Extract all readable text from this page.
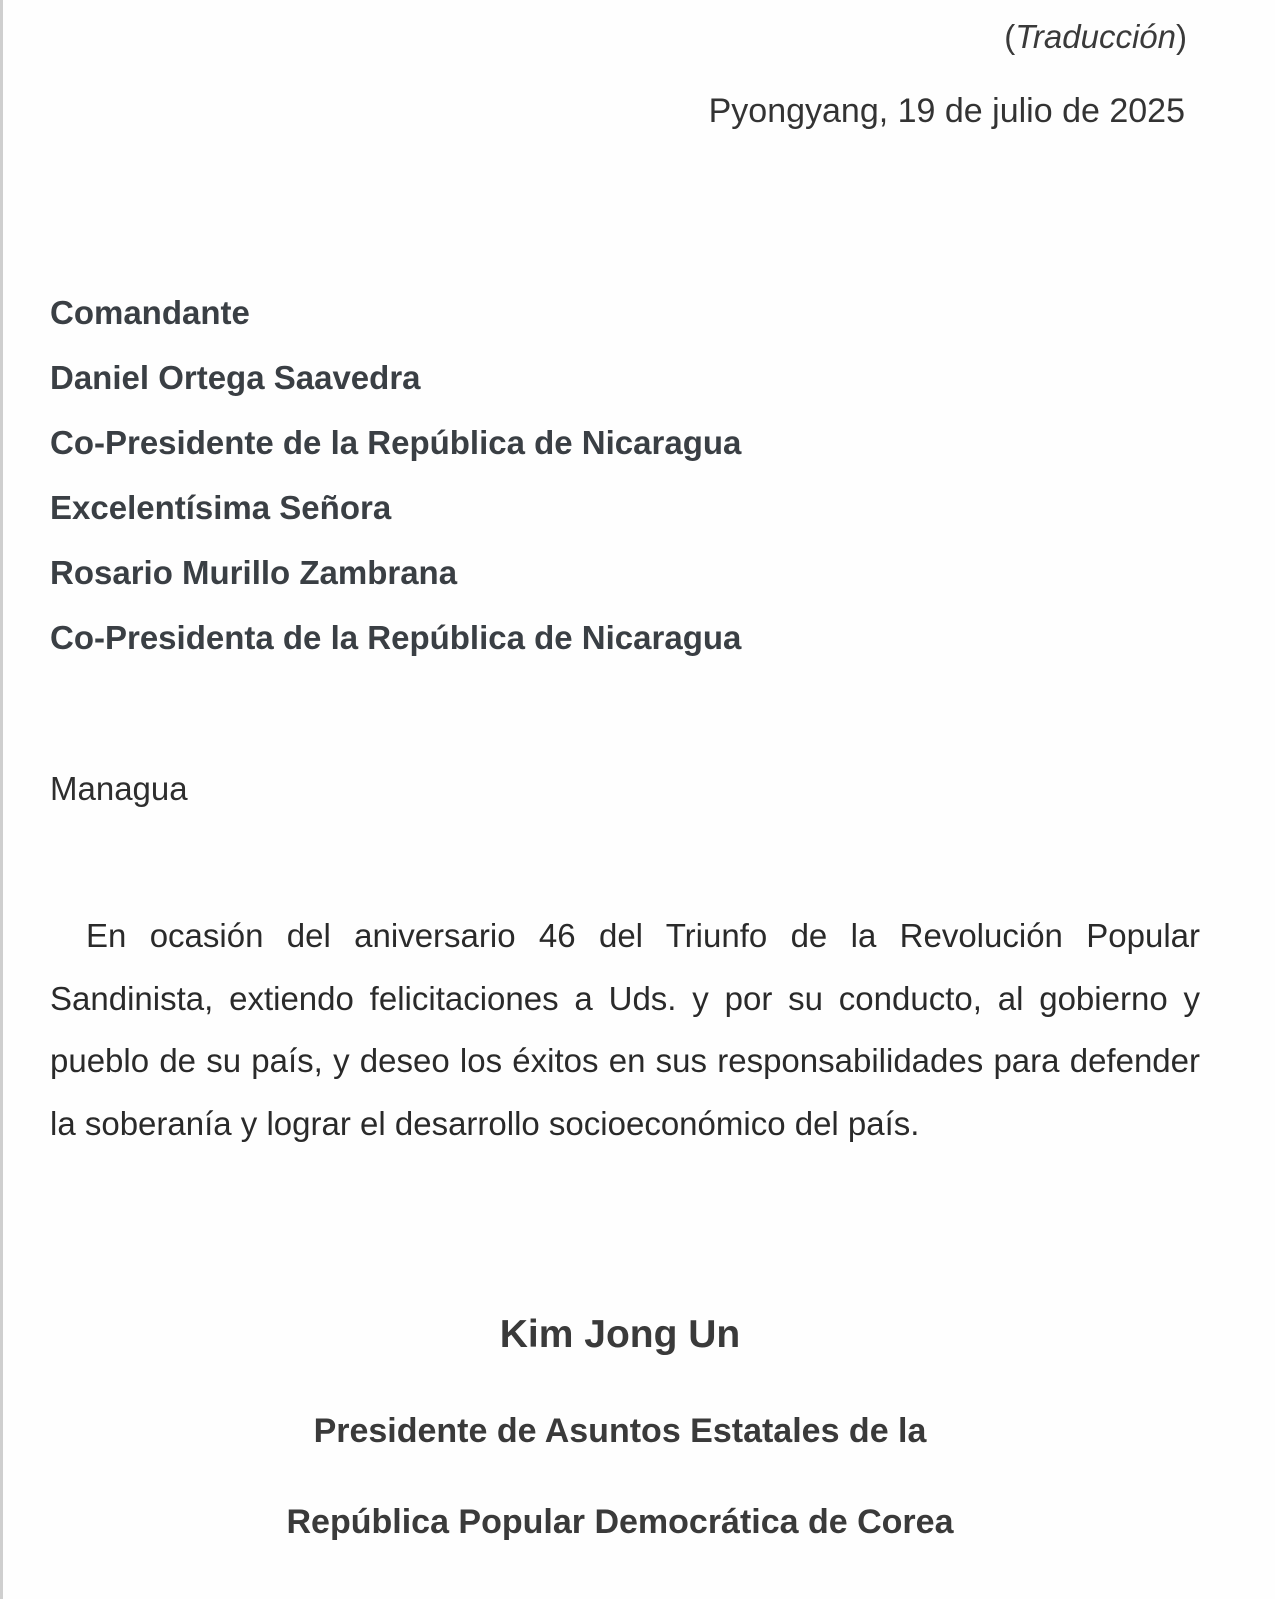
(Traducción)
Pyongyang, 19 de julio de 2025
Comandante
Daniel Ortega Saavedra
Co-Presidente de la República de Nicaragua
Excelentísima Señora
Rosario Murillo Zambrana
Co-Presidenta de la República de Nicaragua
Managua

En ocasión del aniversario 46 del Triunfo de la Revolución Popular Sandinista, extiendo felicitaciones a Uds. y por su conducto, al gobierno y pueblo de su país, y deseo los éxitos en sus responsabilidades para defender la soberanía y lograr el desarrollo socioeconómico del país.

Kim Jong Un
Presidente de Asuntos Estatales de la
República Popular Democrática de Corea
